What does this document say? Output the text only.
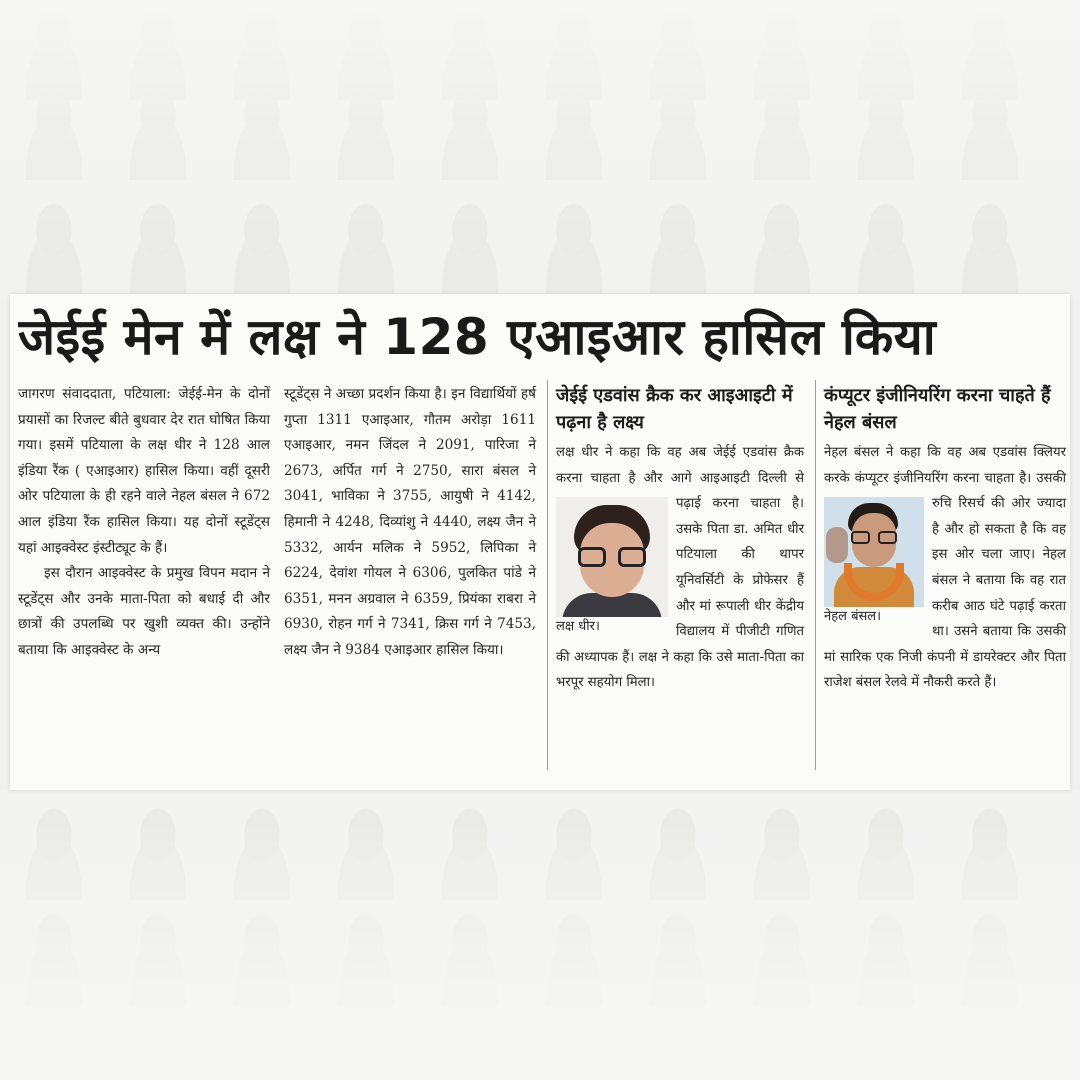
जेईई मेन में लक्ष ने 128 एआइआर हासिल किया

जागरण संवाददाता, पटियाला: जेईई-मेन के दोनों प्रयासों का रिजल्ट बीते बुधवार देर रात घोषित किया गया। इसमें पटियाला के लक्ष धीर ने 128 आल इंडिया रैंक ( एआइआर) हासिल किया। वहीं दूसरी ओर पटियाला के ही रहने वाले नेहल बंसल ने 672 आल इंडिया रैंक हासिल किया। यह दोनों स्टूडेंट्स यहां आइक्वेस्ट इंस्टीट्यूट के हैं।

इस दौरान आइक्वेस्ट के प्रमुख विपन मदान ने स्टूडेंट्स और उनके माता-पिता को बधाई दी और छात्रों की उपलब्धि पर खुशी व्यक्त की। उन्होंने बताया कि आइक्वेस्ट के अन्य

स्टूडेंट्स ने अच्छा प्रदर्शन किया है। इन विद्यार्थियों हर्ष गुप्ता 1311 एआइआर, गौतम अरोड़ा 1611 एआइआर, नमन जिंदल ने 2091, पारिजा ने 2673, अर्पित गर्ग ने 2750, सारा बंसल ने 3041, भाविका ने 3755, आयुषी ने 4142, हिमानी ने 4248, दिव्यांशु ने 4440, लक्ष्य जैन ने 5332, आर्यन मलिक ने 5952, लिपिका ने 6224, देवांश गोयल ने 6306, पुलकित पांडे ने 6351, मनन अग्रवाल ने 6359, प्रियंका राबरा ने 6930, रोहन गर्ग ने 7341, क्रिस गर्ग ने 7453, लक्ष्य जैन ने 9384 एआइआर हासिल किया।

जेईई एडवांस क्रैक कर आइआइटी में पढ़ना है लक्ष्य
लक्ष धीर ने कहा कि वह अब जेईई एडवांस क्रैक करना चाहता है और आगे आइआइटी दिल्ली से पढ़ाई करना
लक्ष धीर।
चाहता है। उसके पिता डा. अमित धीर पटियाला की थापर यूनिवर्सिटी के प्रोफेसर हैं और मां रूपाली धीर केंद्रीय विद्यालय में पीजीटी गणित की अध्यापक हैं। लक्ष ने कहा कि उसे माता-पिता का भरपूर सहयोग मिला।
कंप्यूटर इंजीनियरिंग करना चाहते हैं नेहल बंसल
नेहल बंसल ने कहा कि वह अब एडवांस क्लियर करके कंप्यूटर इंजीनियरिंग करना चाहता है। उसकी रुचि रिसर्च की
नेहल बंसल।
ओर ज्यादा है और हो सकता है कि वह इस ओर चला जाए। नेहल बंसल ने बताया कि वह रात करीब आठ घंटे पढ़ाई करता था। उसने बताया कि उसकी मां सारिक एक निजी कंपनी में डायरेक्टर और पिता राजेश बंसल रेलवे में नौकरी करते हैं।
